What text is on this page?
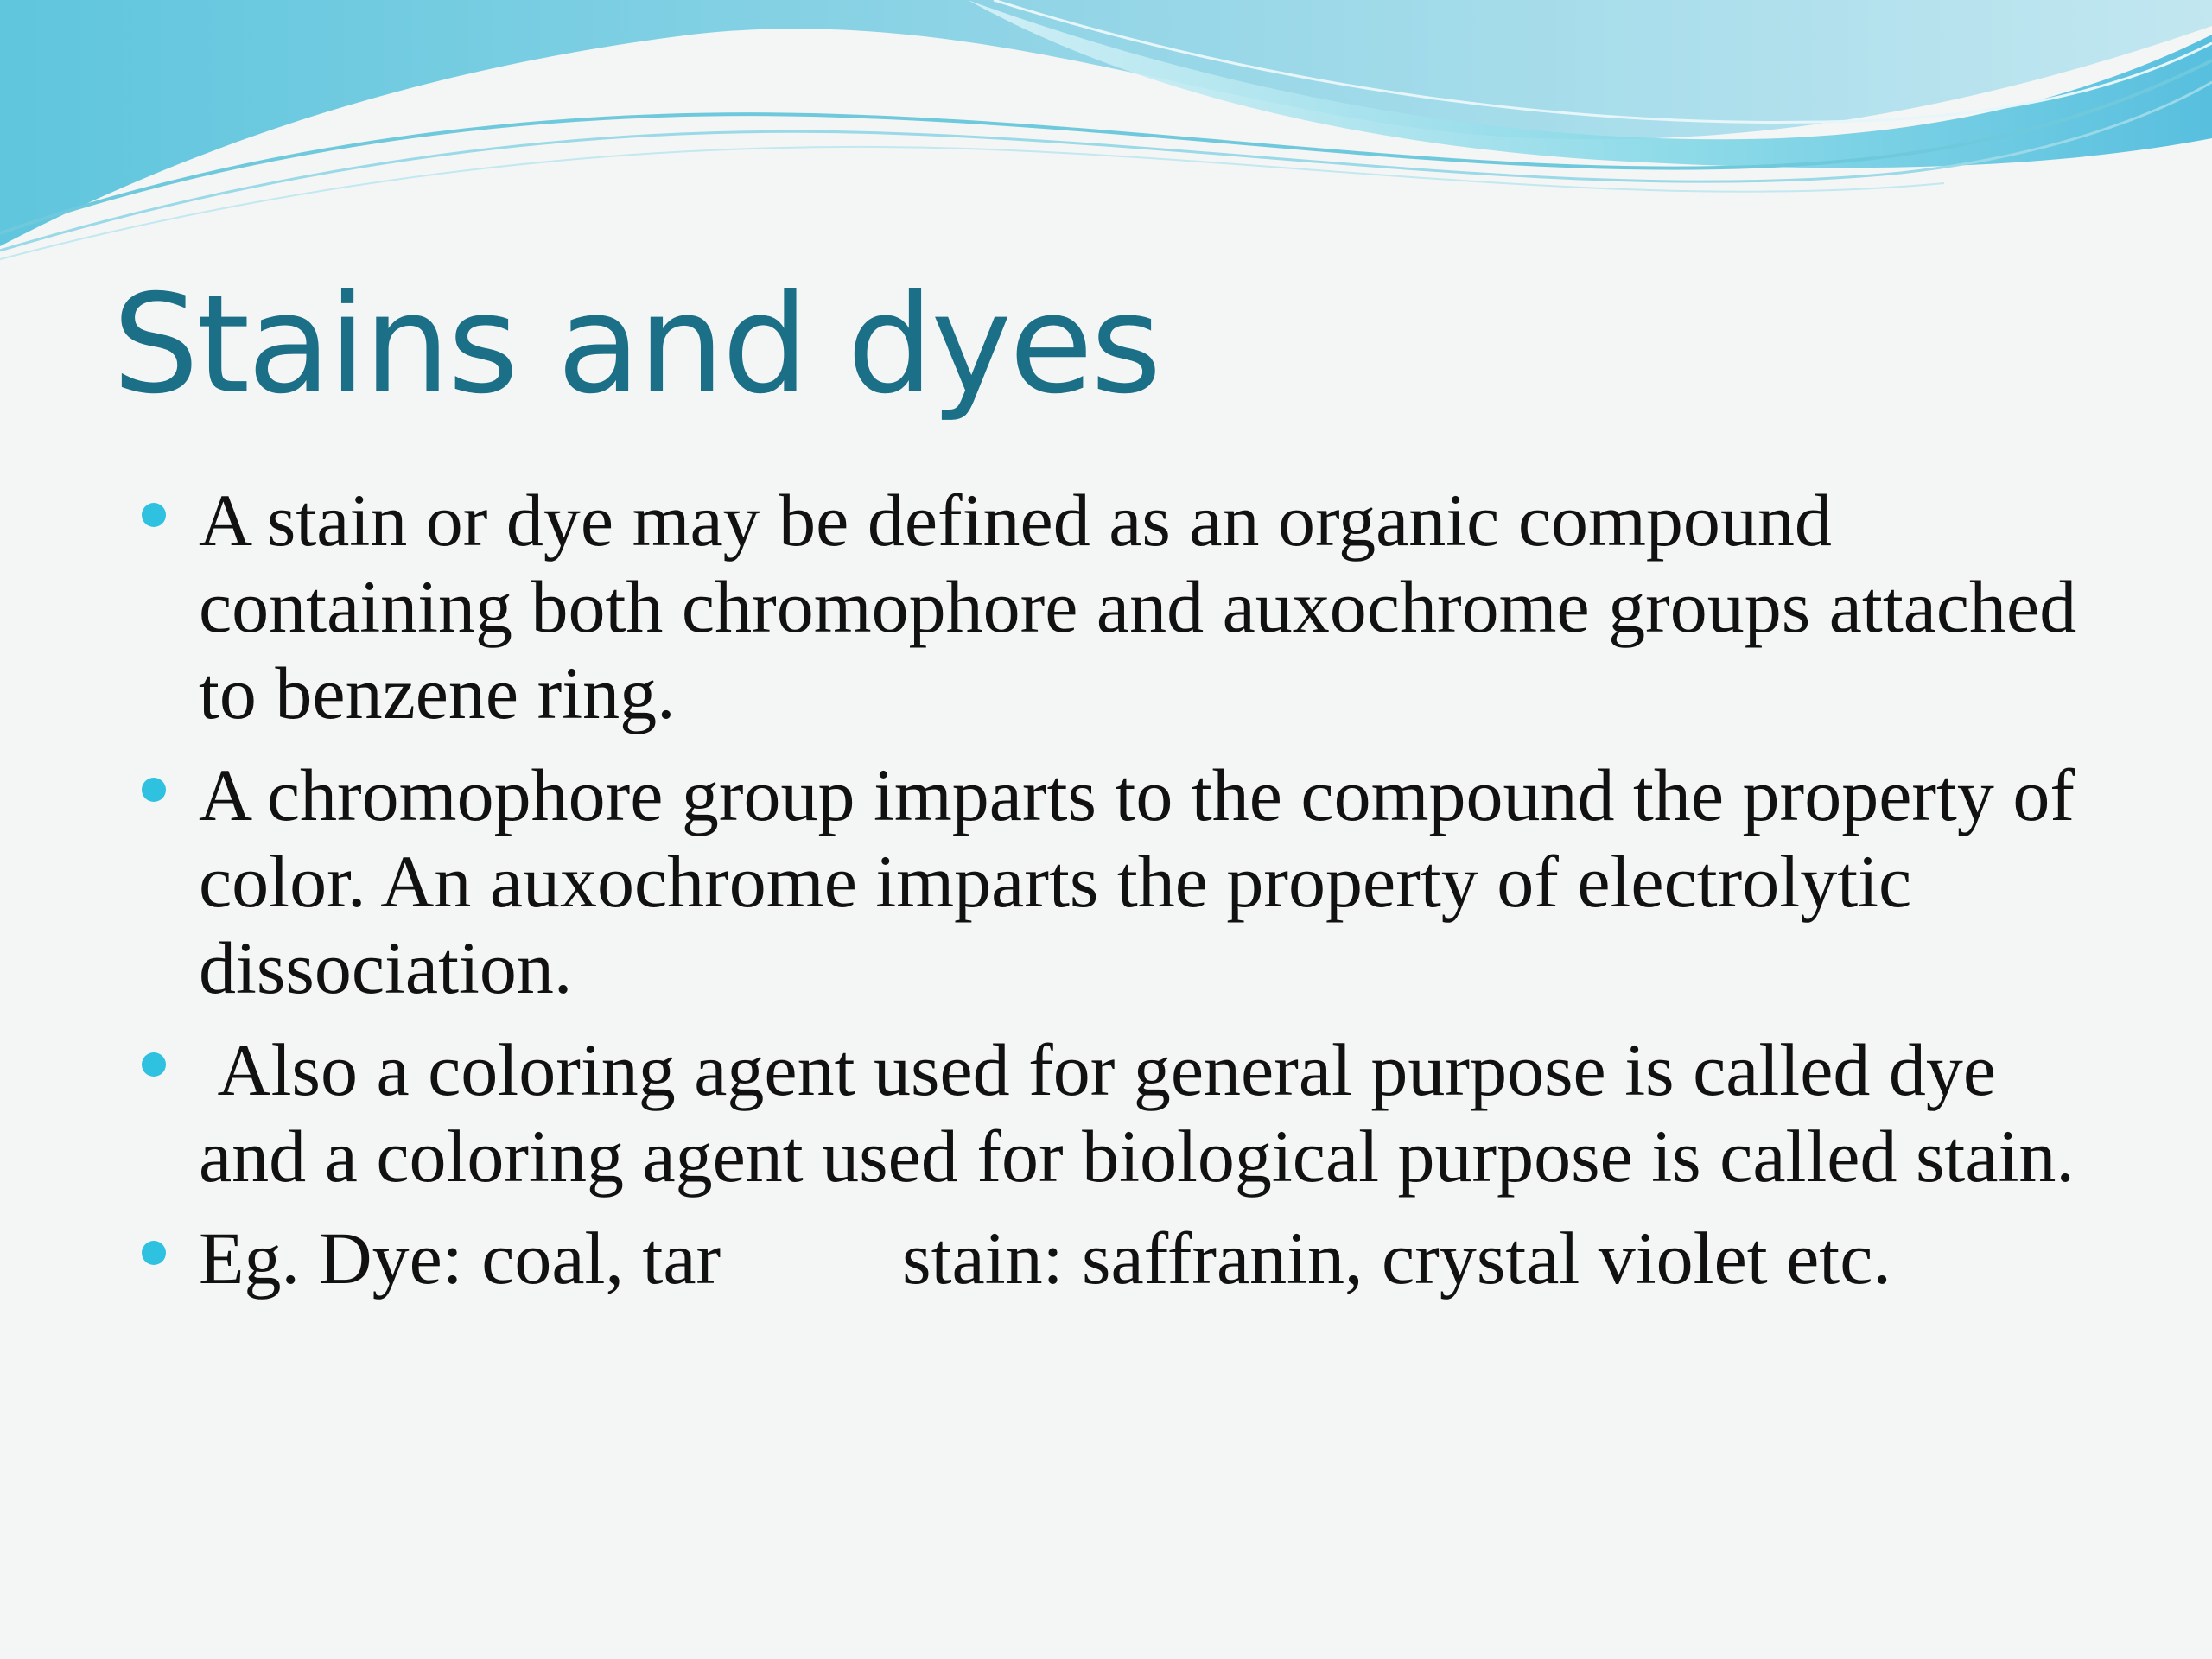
Stains and dyes
A stain or dye may be defined as an organic compound containing both chromophore and auxochrome groups attached to benzene ring.
A chromophore group imparts to the compound the property of color. An auxochrome imparts the property of electrolytic dissociation.
Also a coloring agent used for general purpose is called dye and a coloring agent used for biological purpose is called stain.
Eg. Dye: coal, tar stain: saffranin, crystal violet etc.
